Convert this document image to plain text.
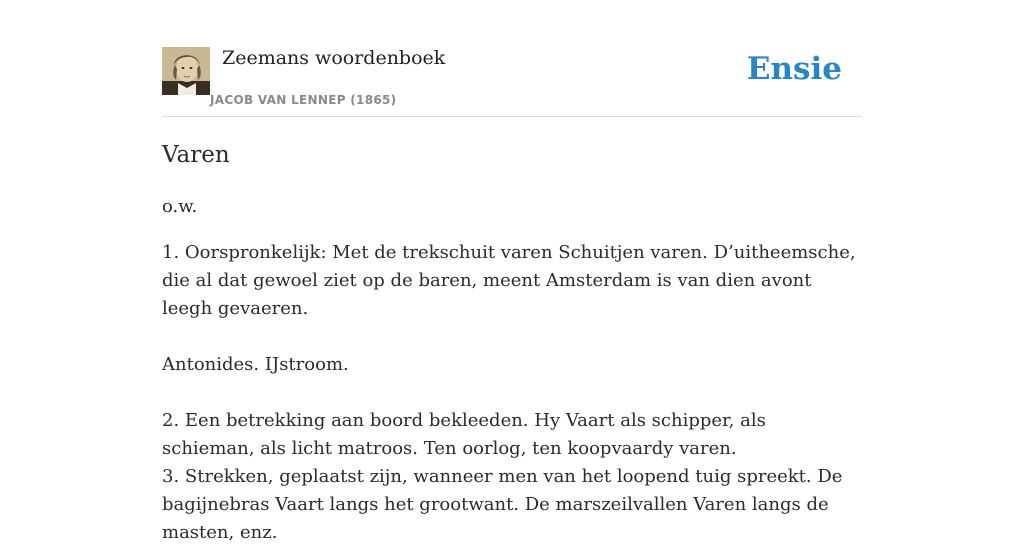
Zeemans woordenboek
JACOB VAN LENNEP (1865)
Ensie
Varen
o.w.

1. Oorspronkelijk: Met de trekschuit varen Schuitjen varen. D’uitheemsche, die al dat gewoel ziet op de baren, meent Amsterdam is van dien avont leegh gevaeren.

Antonides. IJstroom.

2. Een betrekking aan boord bekleeden. Hy Vaart als schipper, als schieman, als licht matroos. Ten oorlog, ten koopvaardy varen.

3. Strekken, geplaatst zijn, wanneer men van het loopend tuig spreekt. De bagijnebras Vaart langs het grootwant. De marszeilvallen Varen langs de masten, enz.
